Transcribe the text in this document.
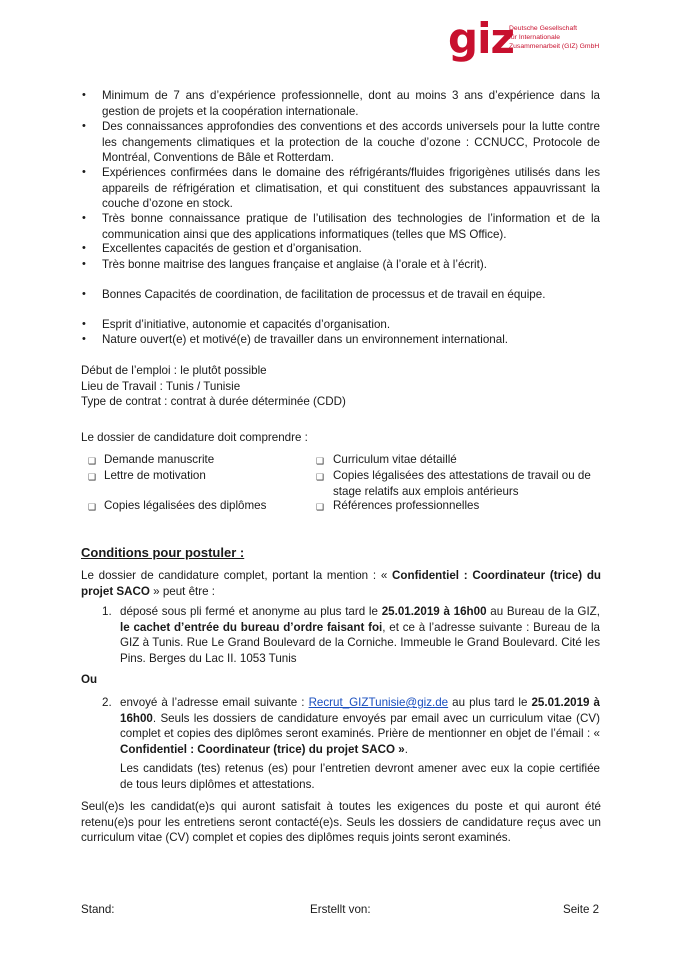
giz
Deutsche Gesellschaft
für Internationale
Zusammenarbeit (GIZ) GmbH
• Minimum de 7 ans d’expérience professionnelle, dont au moins 3 ans d’expérience dans la gestion de projets et la coopération internationale.
• Des connaissances approfondies des conventions et des accords universels pour la lutte contre les changements climatiques et la protection de la couche d’ozone : CCNUCC, Protocole de Montréal, Conventions de Bâle et Rotterdam.
• Expériences confirmées dans le domaine des réfrigérants/fluides frigorigènes utilisés dans les appareils de réfrigération et climatisation, et qui constituent des substances appauvrissant la couche d’ozone en stock.
• Très bonne connaissance pratique de l’utilisation des technologies de l’information et de la communication ainsi que des applications informatiques (telles que MS Office).
• Excellentes capacités de gestion et d’organisation.
• Très bonne maitrise des langues française et anglaise (à l’orale et à l’écrit).
• Bonnes Capacités de coordination, de facilitation de processus et de travail en équipe.
• Esprit d’initiative, autonomie et capacités d’organisation.
• Nature ouvert(e) et motivé(e) de travailler dans un environnement international.
Début de l’emploi : le plutôt possible
Lieu de Travail : Tunis / Tunisie
Type de contrat : contrat à durée déterminée (CDD)
Le dossier de candidature doit comprendre :
❑ Demande manuscrite
❑ Lettre de motivation
❑ Copies légalisées des diplômes
❑ Curriculum vitae détaillé
❑ Copies légalisées des attestations de travail ou de stage relatifs aux emplois antérieurs
❑ Références professionnelles
Conditions pour postuler :
Le dossier de candidature complet, portant la mention : « Confidentiel : Coordinateur (trice) du projet SACO » peut être :
1. déposé sous pli fermé et anonyme au plus tard le 25.01.2019 à 16h00 au Bureau de la GIZ, le cachet d’entrée du bureau d’ordre faisant foi, et ce à l’adresse suivante : Bureau de la GIZ à Tunis. Rue Le Grand Boulevard de la Corniche. Immeuble le Grand Boulevard. Cité les Pins. Berges du Lac II. 1053 Tunis
Ou
2. envoyé à l’adresse email suivante : Recrut_GIZTunisie@giz.de au plus tard le 25.01.2019 à 16h00. Seuls les dossiers de candidature envoyés par email avec un curriculum vitae (CV) complet et copies des diplômes seront examinés. Prière de mentionner en objet de l’émail : « Confidentiel : Coordinateur (trice) du projet SACO ».
Les candidats (tes) retenus (es) pour l’entretien devront amener avec eux la copie certifiée de tous leurs diplômes et attestations.
Seul(e)s les candidat(e)s qui auront satisfait à toutes les exigences du poste et qui auront été retenu(e)s pour les entretiens seront contacté(e)s. Seuls les dossiers de candidature reçus avec un curriculum vitae (CV) complet et copies des diplômes requis joints seront examinés.
Stand:	Erstellt von:	Seite 2
